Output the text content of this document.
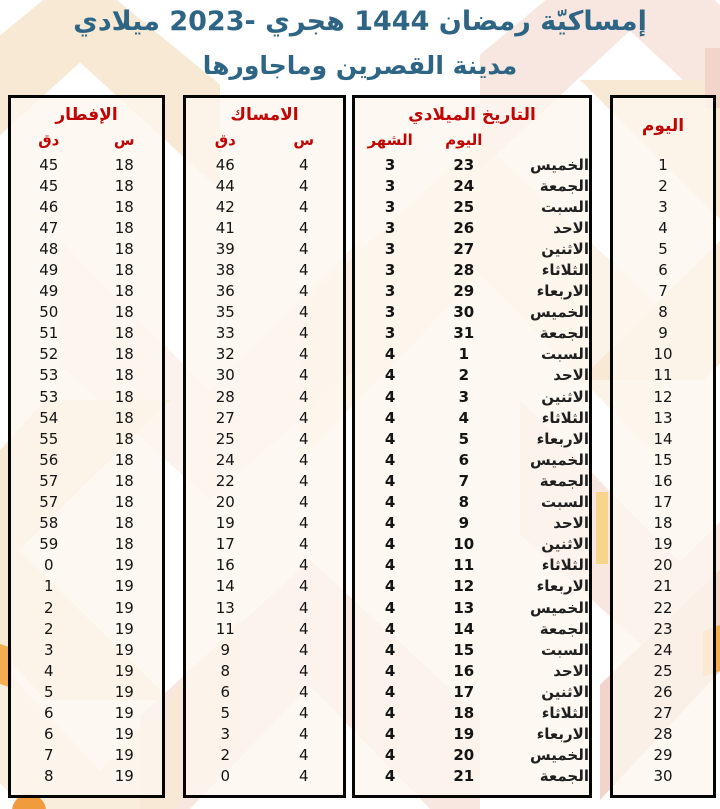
إمساكيّة رمضان 1444 هجري -2023 ميلادي
مدينة القصرين وماجاورها
الإفطار
دق	س
45	18
45	18
46	18
47	18
48	18
49	18
49	18
50	18
51	18
52	18
53	18
53	18
54	18
55	18
56	18
57	18
57	18
58	18
59	18
0	19
1	19
2	19
2	19
3	19
4	19
5	19
6	19
6	19
7	19
8	19
الامساك
دق	س
46	4
44	4
42	4
41	4
39	4
38	4
36	4
35	4
33	4
32	4
30	4
28	4
27	4
25	4
24	4
22	4
20	4
19	4
17	4
16	4
14	4
13	4
11	4
9	4
8	4
6	4
5	4
3	4
2	4
0	4
التاريخ الميلادي
الشهر	اليوم
3	23	الخميس
3	24	الجمعة
3	25	السبت
3	26	الاحد
3	27	الاثنين
3	28	الثلاثاء
3	29	الاربعاء
3	30	الخميس
3	31	الجمعة
4	1	السبت
4	2	الاحد
4	3	الاثنين
4	4	الثلاثاء
4	5	الاربعاء
4	6	الخميس
4	7	الجمعة
4	8	السبت
4	9	الاحد
4	10	الاثنين
4	11	الثلاثاء
4	12	الاربعاء
4	13	الخميس
4	14	الجمعة
4	15	السبت
4	16	الاحد
4	17	الاثنين
4	18	الثلاثاء
4	19	الاربعاء
4	20	الخميس
4	21	الجمعة
اليوم
1
2
3
4
5
6
7
8
9
10
11
12
13
14
15
16
17
18
19
20
21
22
23
24
25
26
27
28
29
30
